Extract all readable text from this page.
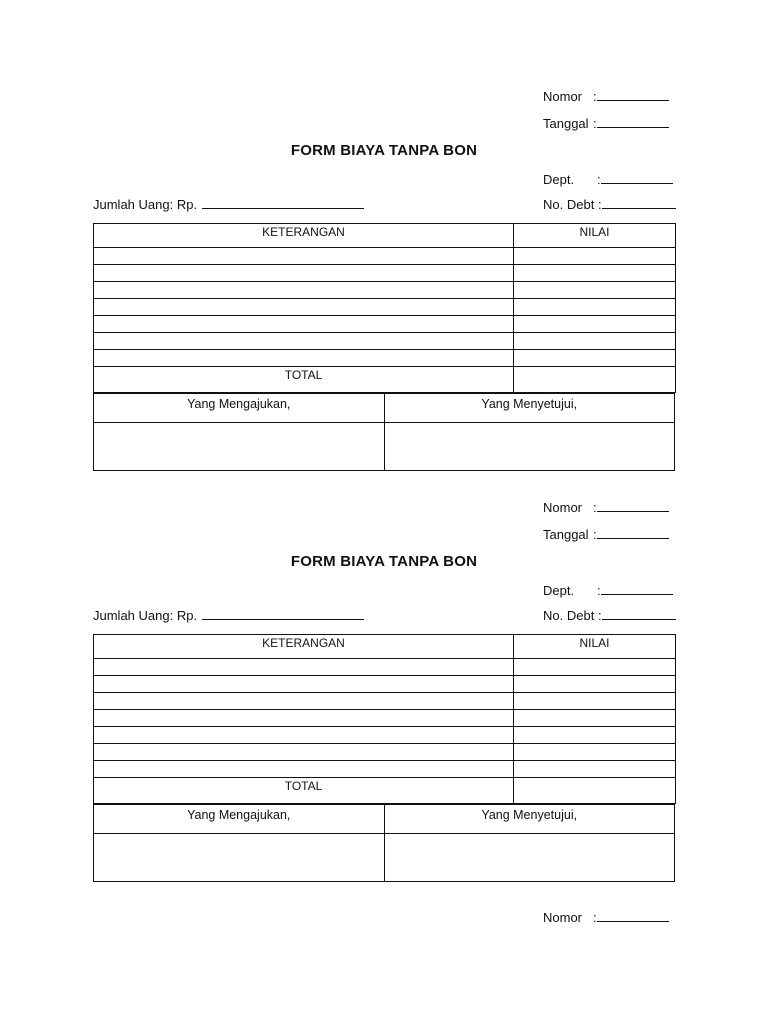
Nomor :
Tanggal :
FORM BIAYA TANPA BON
Dept. :
Jumlah Uang: Rp.	No. Debt :
KETERANGAN	NILAI

TOTAL	
Yang Mengajukan,	Yang Menyetujui,

Nomor :
Tanggal :
FORM BIAYA TANPA BON
Dept. :
Jumlah Uang: Rp.	No. Debt :
KETERANGAN	NILAI

TOTAL	
Yang Mengajukan,	Yang Menyetujui,

Nomor :
